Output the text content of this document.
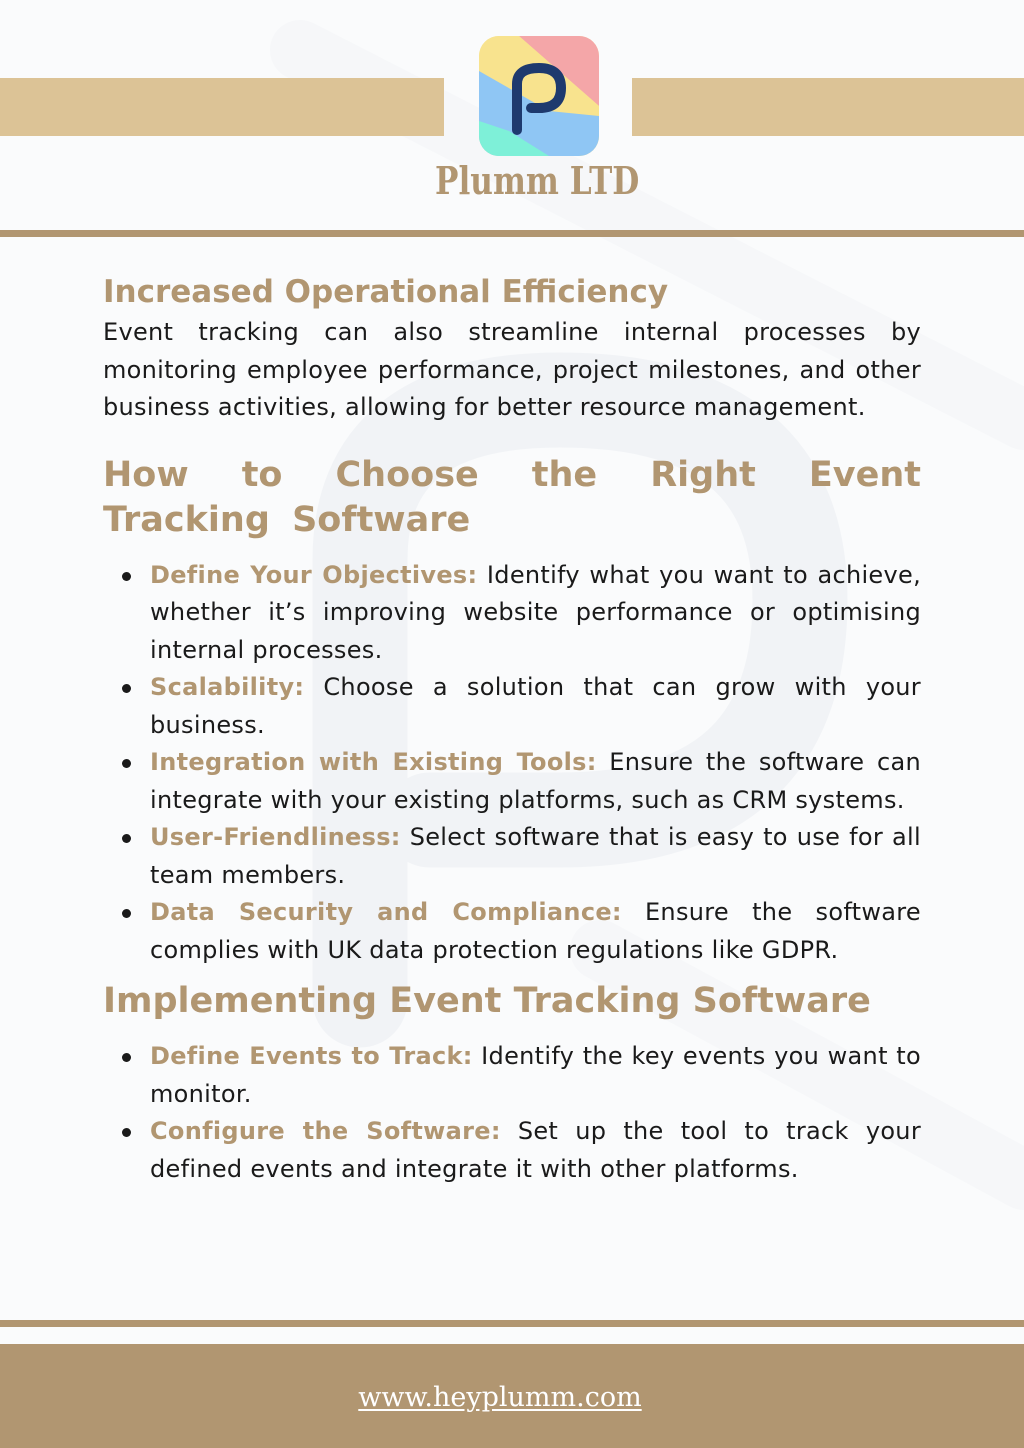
Plumm LTD
Increased Operational Efficiency

Event tracking can also streamline internal processes by monitoring employee performance, project milestones, and other business activities, allowing for better resource management.

How to Choose the Right Event Tracking Software
Define Your Objectives: Identify what you want to achieve, whether it’s improving website performance or optimising internal processes.
Scalability: Choose a solution that can grow with your business.
Integration with Existing Tools: Ensure the software can integrate with your existing platforms, such as CRM systems.
User-Friendliness: Select software that is easy to use for all team members.
Data Security and Compliance: Ensure the software complies with UK data protection regulations like GDPR.
Implementing Event Tracking Software
Define Events to Track: Identify the key events you want to monitor.
Configure the Software: Set up the tool to track your defined events and integrate it with other platforms.
www.heyplumm.com
